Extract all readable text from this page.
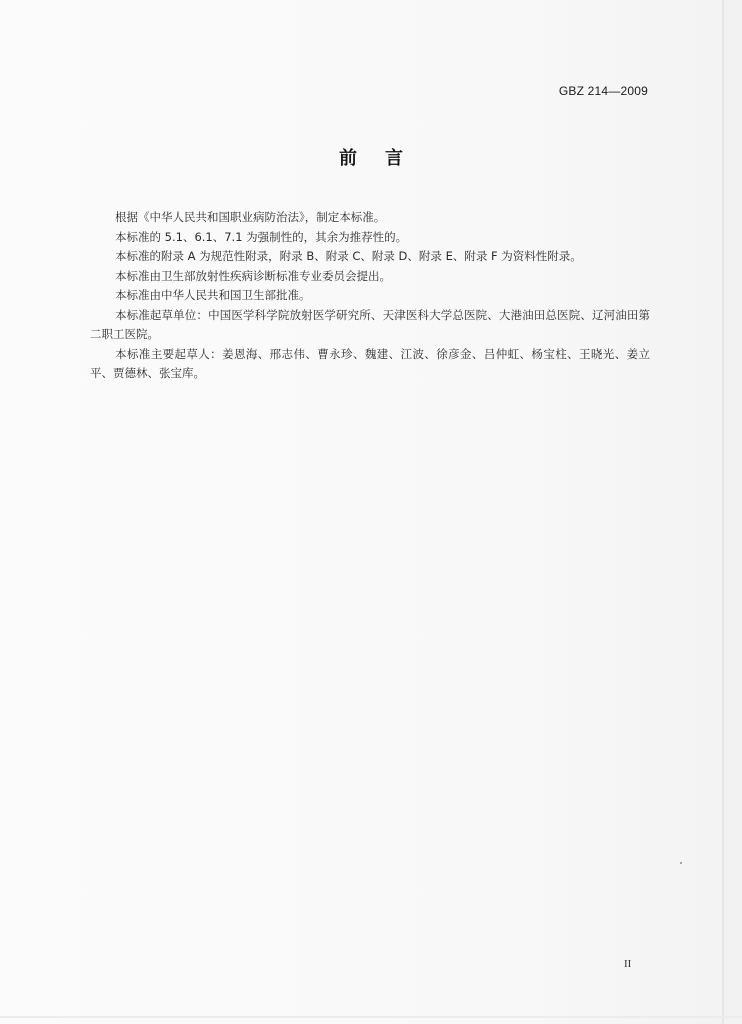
GBZ 214—2009
前言

根据《中华人民共和国职业病防治法》，制定本标准。

本标准的 5.1、6.1、7.1 为强制性的，其余为推荐性的。

本标准的附录 A 为规范性附录，附录 B、附录 C、附录 D、附录 E、附录 F 为资料性附录。

本标准由卫生部放射性疾病诊断标准专业委员会提出。

本标准由中华人民共和国卫生部批准。

本标准起草单位：中国医学科学院放射医学研究所、天津医科大学总医院、大港油田总医院、辽河油田第二职工医院。

本标准主要起草人：姜恩海、邢志伟、曹永珍、魏建、江波、徐彦金、吕仲虹、杨宝柱、王晓光、姜立平、贾德林、张宝库。

II
